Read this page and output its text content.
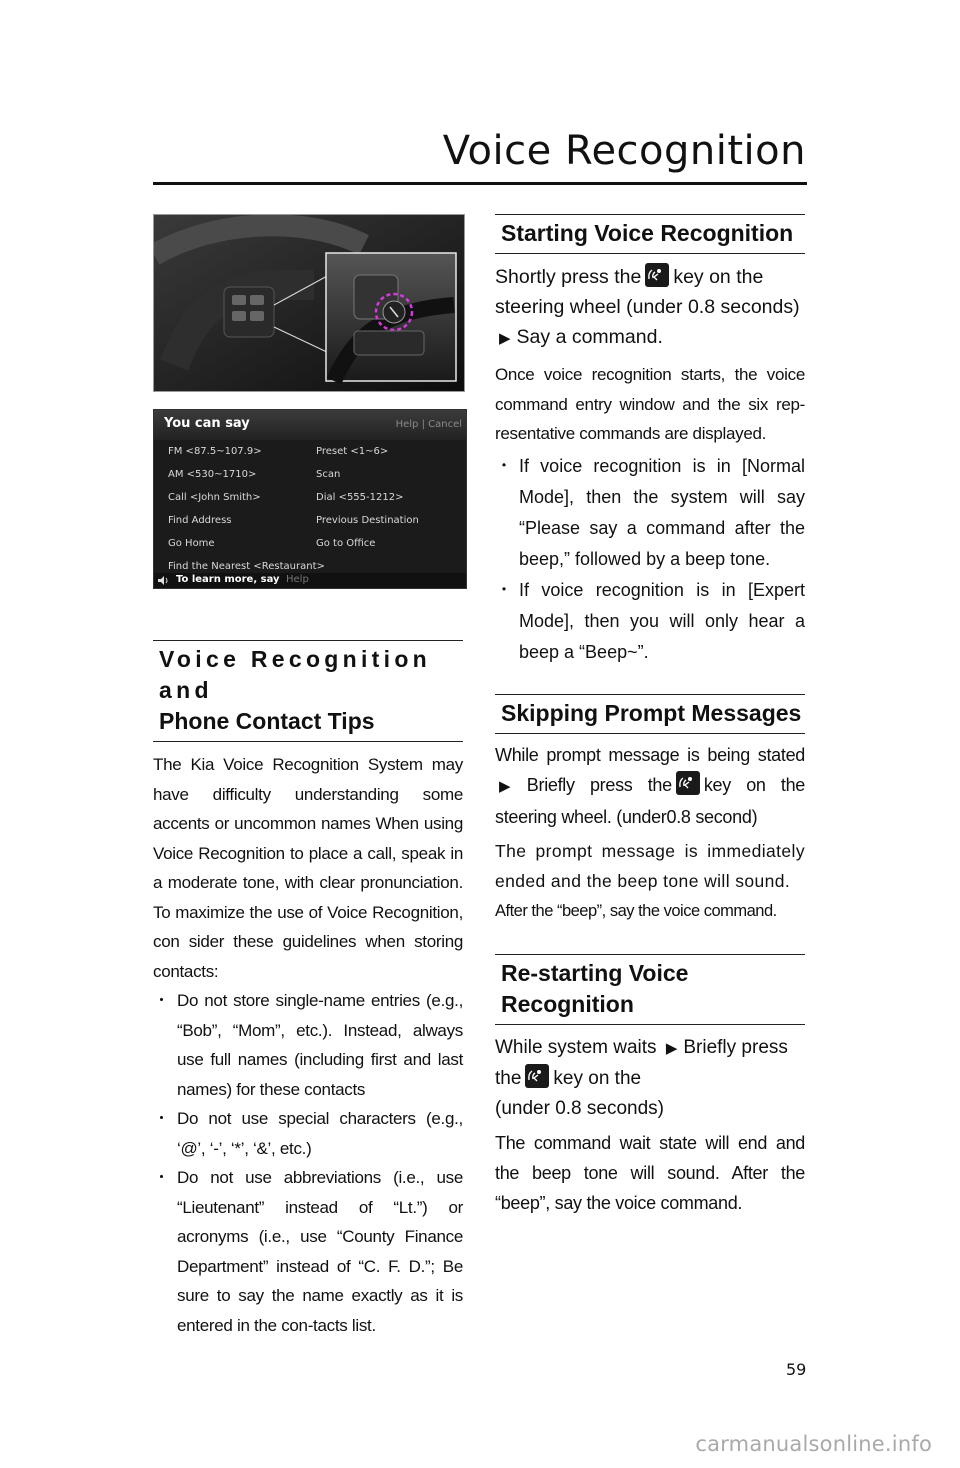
Voice Recognition
You can say	Help | Cancel
FM <87.5~107.9>	Preset <1~6>
AM <530~1710>	Scan
Call <John Smith>	Dial <555-1212>
Find Address	Previous Destination
Go Home	Go to Office
Find the Nearest <Restaurant>
To learn more, say Help
Voice Recognition and
Phone Contact Tips

The Kia Voice Recognition System may have difficulty understanding some accents or uncommon names When using Voice Recognition to place a call, speak in a moderate tone, with clear pronunciation. To maximize the use of Voice Recognition, con sider these guidelines when storing contacts:

・ Do not store single-name entries (e.g., “Bob”, “Mom”, etc.). Instead, always use full names (including first and last names) for these contacts
・ Do not use special characters (e.g., ‘@’, ‘-’, ‘*’, ‘&’, etc.)
・ Do not use abbreviations (i.e., use “Lieutenant” instead of “Lt.”) or acronyms (i.e., use “County Finance Department” instead of “C. F. D.”; Be sure to say the name exactly as it is entered in the con-tacts list.
Starting Voice Recognition

Shortly press the key on the steering wheel (under 0.8 seconds)
▶ Say a command.

Once voice recognition starts, the voice command entry window and the six rep-resentative commands are displayed.

・ If voice recognition is in [Normal Mode], then the system will say “Please say a command after the beep,” followed by a beep tone.
・ If voice recognition is in [Expert Mode], then you will only hear a beep a “Beep~”.
Skipping Prompt Messages

While prompt message is being stated ▶ Briefly press the key on the steering wheel. (under0.8 second)

The prompt message is immediately ended and the beep tone will sound.

After the “beep”, say the voice command.

Re-starting Voice Recognition

While system waits ▶ Briefly press
the key on the
(under 0.8 seconds)

The command wait state will end and the beep tone will sound. After the “beep”, say the voice command.

59
carmanualsonline.info
